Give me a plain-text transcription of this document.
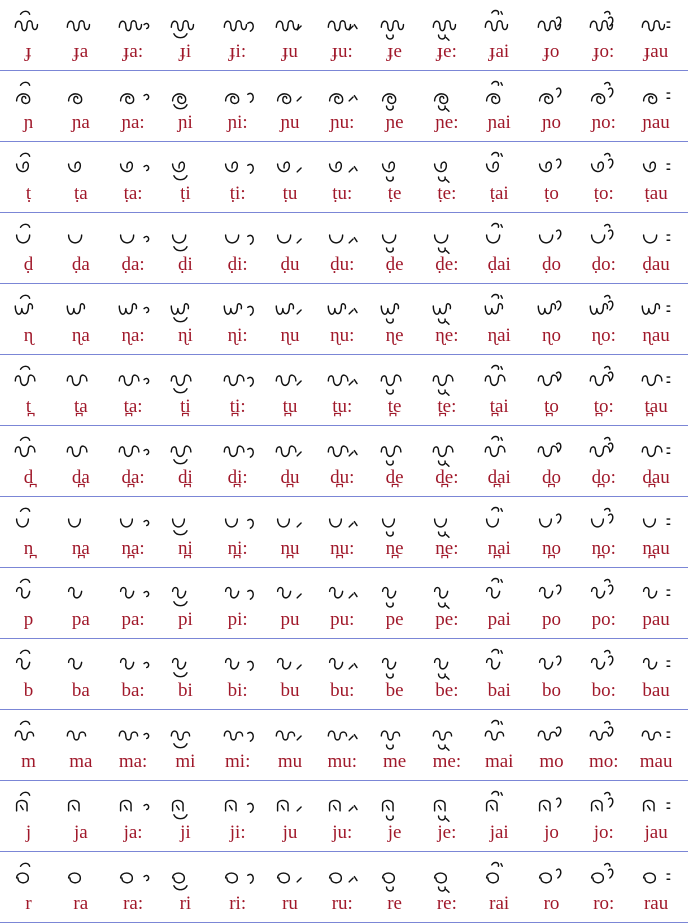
ɟ	ɟa	ɟa:	ɟi	ɟi:	ɟu	ɟu:	ɟe	ɟe:	ɟai	ɟo	ɟo:	ɟau
ɲ	ɲa	ɲa:	ɲi	ɲi:	ɲu	ɲu:	ɲe	ɲe:	ɲai	ɲo	ɲo:	ɲau
ṭ	ṭa	ṭa:	ṭi	ṭi:	ṭu	ṭu:	ṭe	ṭe:	ṭai	ṭo	ṭo:	ṭau
ḍ	ḍa	ḍa:	ḍi	ḍi:	ḍu	ḍu:	ḍe	ḍe:	ḍai	ḍo	ḍo:	ḍau
ɳ	ɳa	ɳa:	ɳi	ɳi:	ɳu	ɳu:	ɳe	ɳe:	ɳai	ɳo	ɳo:	ɳau
t̪	t̪a	t̪a:	t̪i	t̪i:	t̪u	t̪u:	t̪e	t̪e:	t̪ai	t̪o	t̪o:	t̪au
d̪	d̪a	d̪a:	d̪i	d̪i:	d̪u	d̪u:	d̪e	d̪e:	d̪ai	d̪o	d̪o:	d̪au
n̪	n̪a	n̪a:	n̪i	n̪i:	n̪u	n̪u:	n̪e	n̪e:	n̪ai	n̪o	n̪o:	n̪au
p	pa	pa:	pi	pi:	pu	pu:	pe	pe:	pai	po	po:	pau
b	ba	ba:	bi	bi:	bu	bu:	be	be:	bai	bo	bo:	bau
m	ma	ma:	mi	mi:	mu	mu:	me	me:	mai	mo	mo:	mau
j	ja	ja:	ji	ji:	ju	ju:	je	je:	jai	jo	jo:	jau
r	ra	ra:	ri	ri:	ru	ru:	re	re:	rai	ro	ro:	rau
